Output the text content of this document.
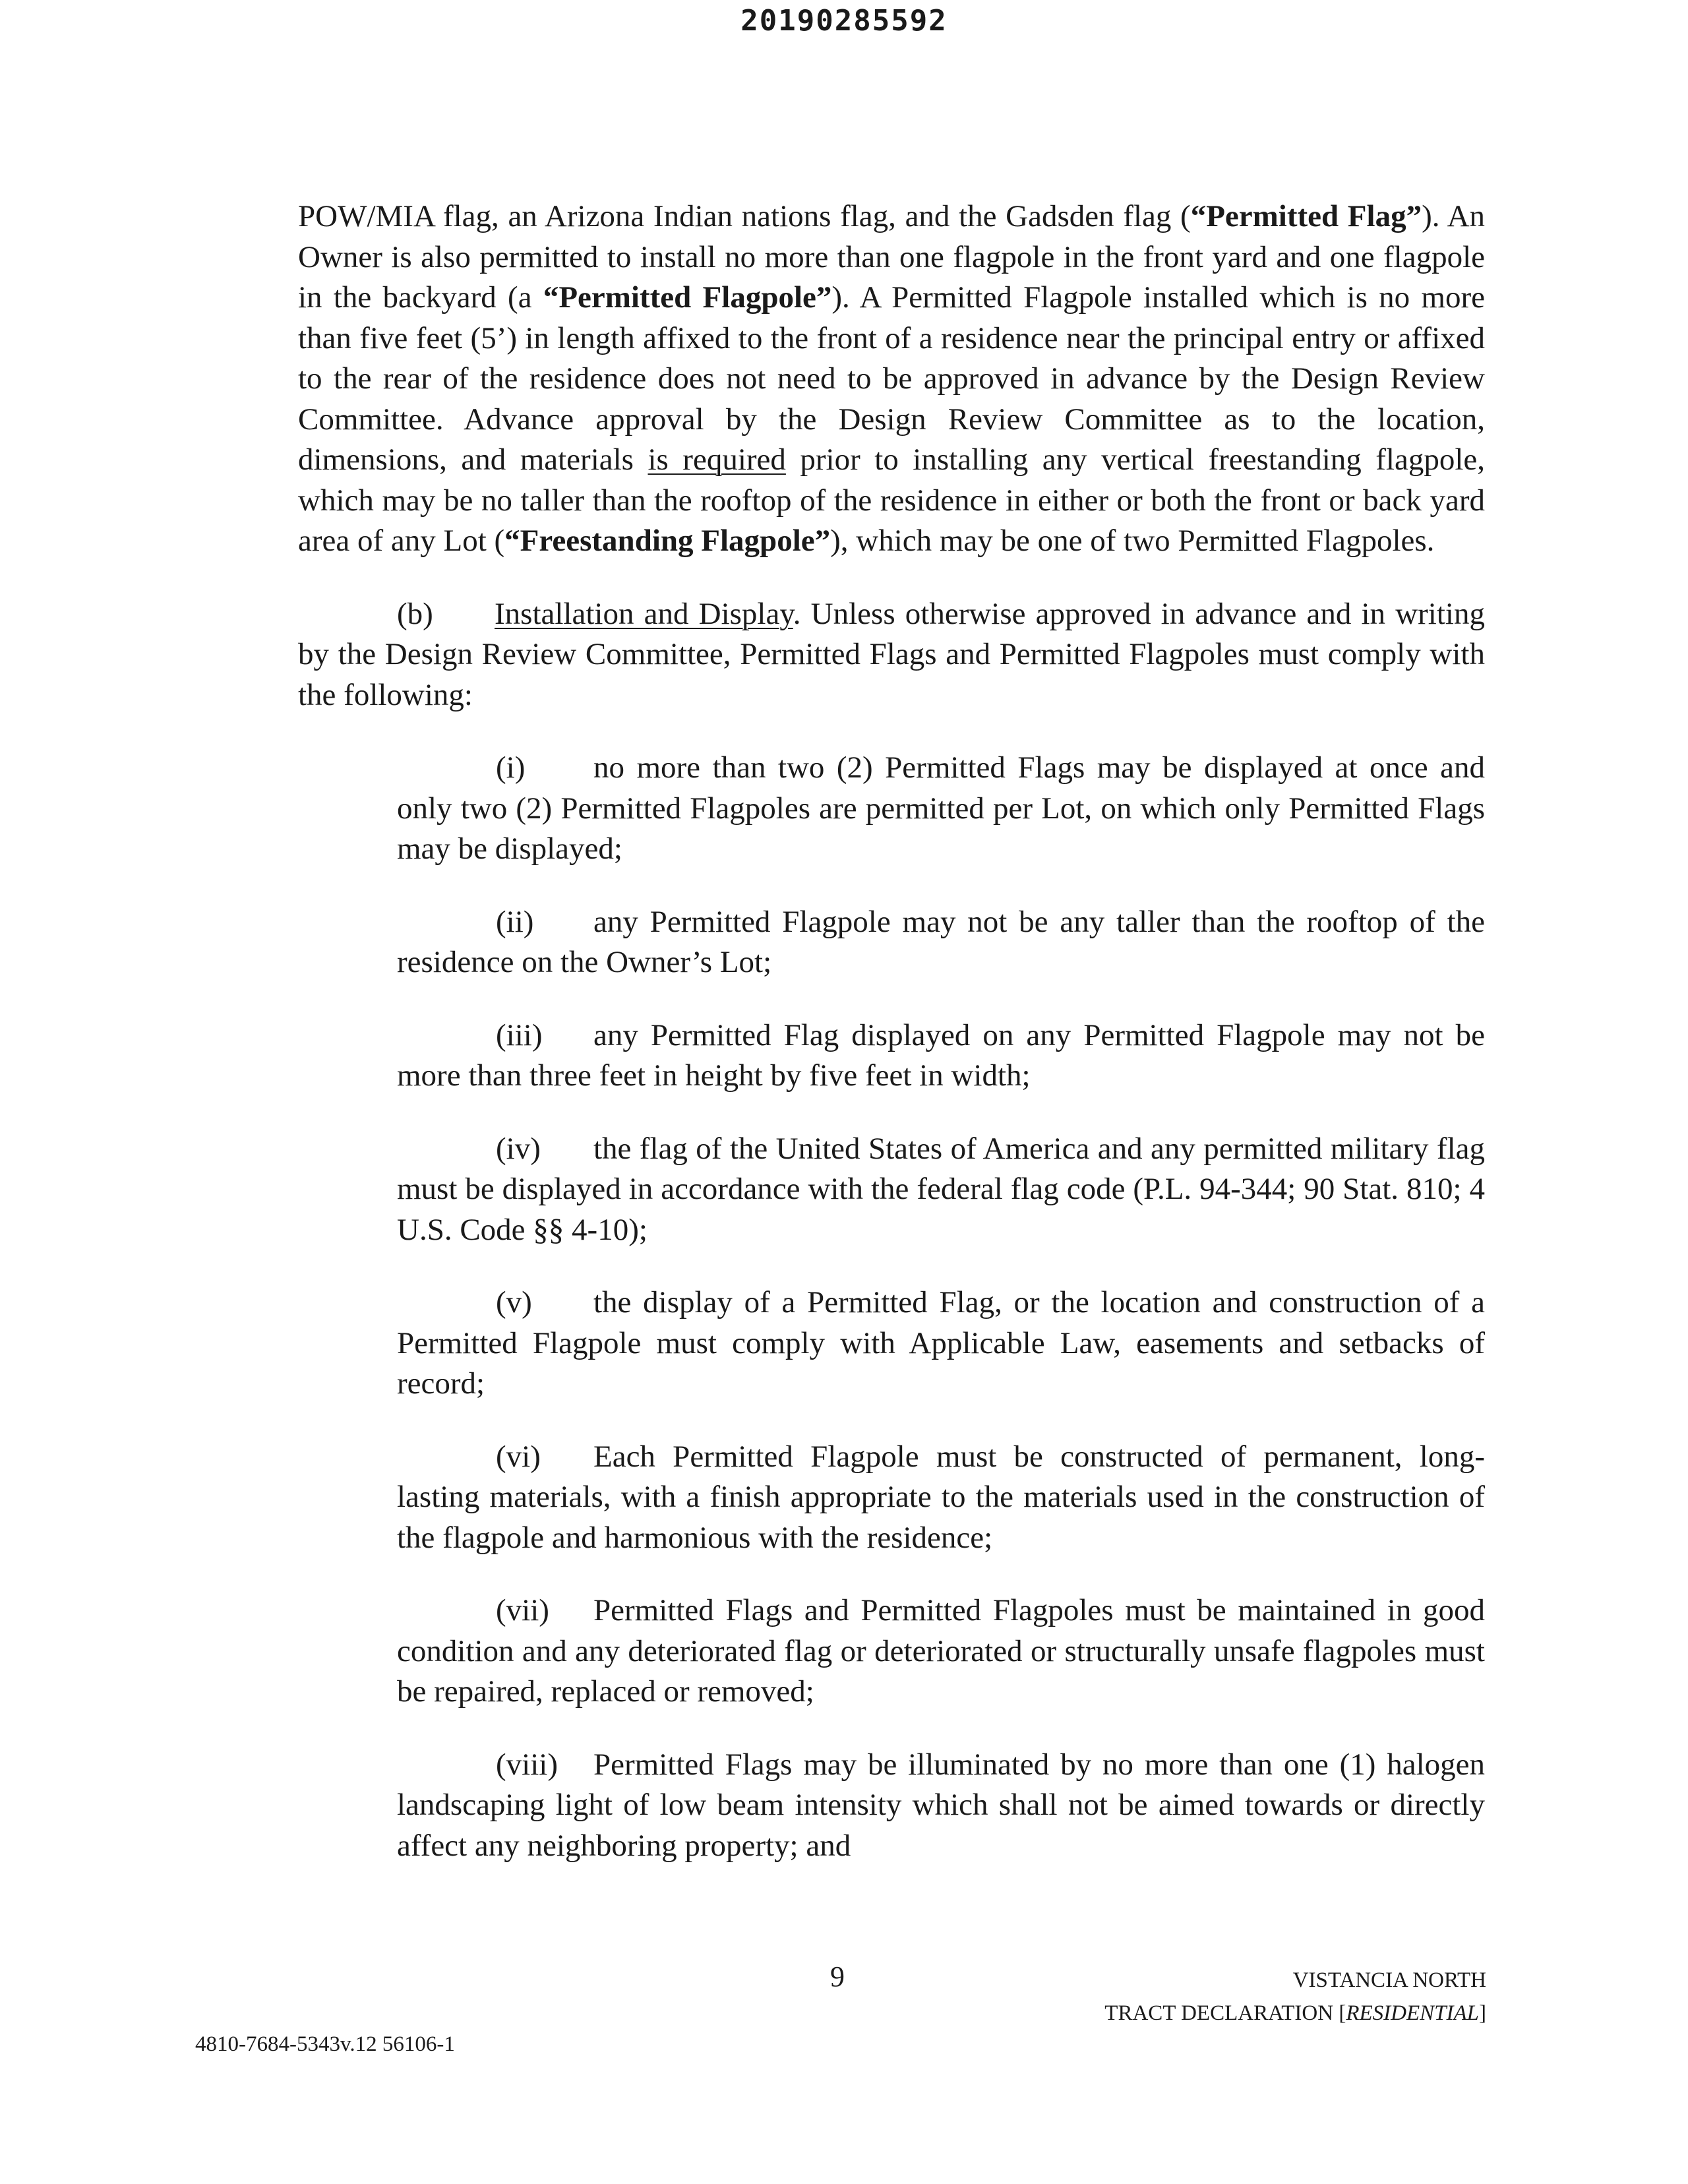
20190285592

POW/MIA flag, an Arizona Indian nations flag, and the Gadsden flag (“Permitted Flag”). An Owner is also permitted to install no more than one flagpole in the front yard and one flagpole in the backyard (a “Permitted Flagpole”). A Permitted Flagpole installed which is no more than five feet (5’) in length affixed to the front of a residence near the principal entry or affixed to the rear of the residence does not need to be approved in advance by the Design Review Committee. Advance approval by the Design Review Committee as to the location, dimensions, and materials is required prior to installing any vertical freestanding flagpole, which may be no taller than the rooftop of the residence in either or both the front or back yard area of any Lot (“Freestanding Flagpole”), which may be one of two Permitted Flagpoles.

(b) Installation and Display. Unless otherwise approved in advance and in writing by the Design Review Committee, Permitted Flags and Permitted Flagpoles must comply with the following:

(i) no more than two (2) Permitted Flags may be displayed at once and only two (2) Permitted Flagpoles are permitted per Lot, on which only Permitted Flags may be displayed;

(ii) any Permitted Flagpole may not be any taller than the rooftop of the residence on the Owner’s Lot;

(iii) any Permitted Flag displayed on any Permitted Flagpole may not be more than three feet in height by five feet in width;

(iv) the flag of the United States of America and any permitted military flag must be displayed in accordance with the federal flag code (P.L. 94-344; 90 Stat. 810; 4 U.S. Code §§ 4-10);

(v) the display of a Permitted Flag, or the location and construction of a Permitted Flagpole must comply with Applicable Law, easements and setbacks of record;

(vi) Each Permitted Flagpole must be constructed of permanent, long-lasting materials, with a finish appropriate to the materials used in the construction of the flagpole and harmonious with the residence;

(vii) Permitted Flags and Permitted Flagpoles must be maintained in good condition and any deteriorated flag or deteriorated or structurally unsafe flagpoles must be repaired, replaced or removed;

(viii) Permitted Flags may be illuminated by no more than one (1) halogen landscaping light of low beam intensity which shall not be aimed towards or directly affect any neighboring property; and

9	VISTANCIA NORTH
TRACT DECLARATION [RESIDENTIAL]
4810-7684-5343v.12 56106-1
